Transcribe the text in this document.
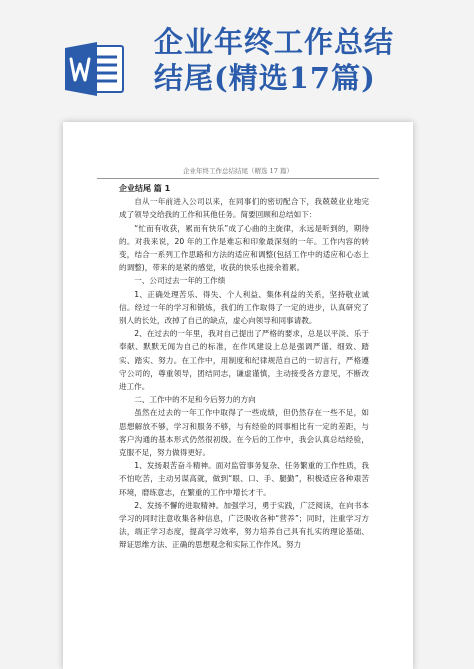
企业年终工作总结
结尾(精选17篇)
企业年终工作总结结尾（精选 17 篇）

企业结尾 篇 1

自从一年前进入公司以来，在同事们的密切配合下，我兢兢业业地完成了领导交给我的工作和其他任务。简要回顾和总结如下：

“忙而有收获，累而有快乐”成了心曲的主旋律，永远是听到的，期待的。对我来说，20 年的工作是难忘和印象最深刻的一年。工作内容的转变，结合一系列工作思路和方法的适应和调整(包括工作中的适应和心态上的调整)，带来的是紧的感觉，收获的快乐也接余着累。

一、公司过去一年的工作绩

1、正确处理苦乐、得失、个人利益、集体利益的关系，坚持敬业诚信。经过一年的学习和锻炼，我们的工作取得了一定的进步，认真研究了别人的长处，改掉了自己的缺点，虚心向领导和同事请教。

2、在过去的一年里，我对自己提出了严格的要求，总是以平淡、乐于奉献、默默无闻为自己的标准，在作风建设上总是强调严谨、细致、踏实、踏实、努力。在工作中，用制度和纪律规范自己的一切言行，严格遵守公司的，尊重领导，团结同志，谦虚谨慎，主动接受各方意见，不断改进工作。

二、工作中的不足和今后努力的方向

虽然在过去的一年工作中取得了一些成绩，但仍然存在一些不足，如思想解放不够，学习和服务不够，与有经验的同事相比有一定的差距，与客户沟通的基本形式仍然很初级。在今后的工作中，我会认真总结经验，克服不足，努力做得更好。

1、发扬艰苦奋斗精神。面对监管事务复杂、任务繁重的工作性质，我不怕吃苦，主动另谋高就，做到“眼、口、手、腿勤”，积极适应各种艰苦环境，磨练意志，在繁重的工作中增长才干。

2、发扬不懈的进取精神。加强学习，勇于实践，广泛阅读，在向书本学习的同时注意收集各种信息，广泛吸收各种“营养”；同时，注重学习方法，端正学习态度，提高学习效率，努力培养自己具有扎实的理论基础、辩证思维方法、正确的思想观念和实际工作作风。努力
